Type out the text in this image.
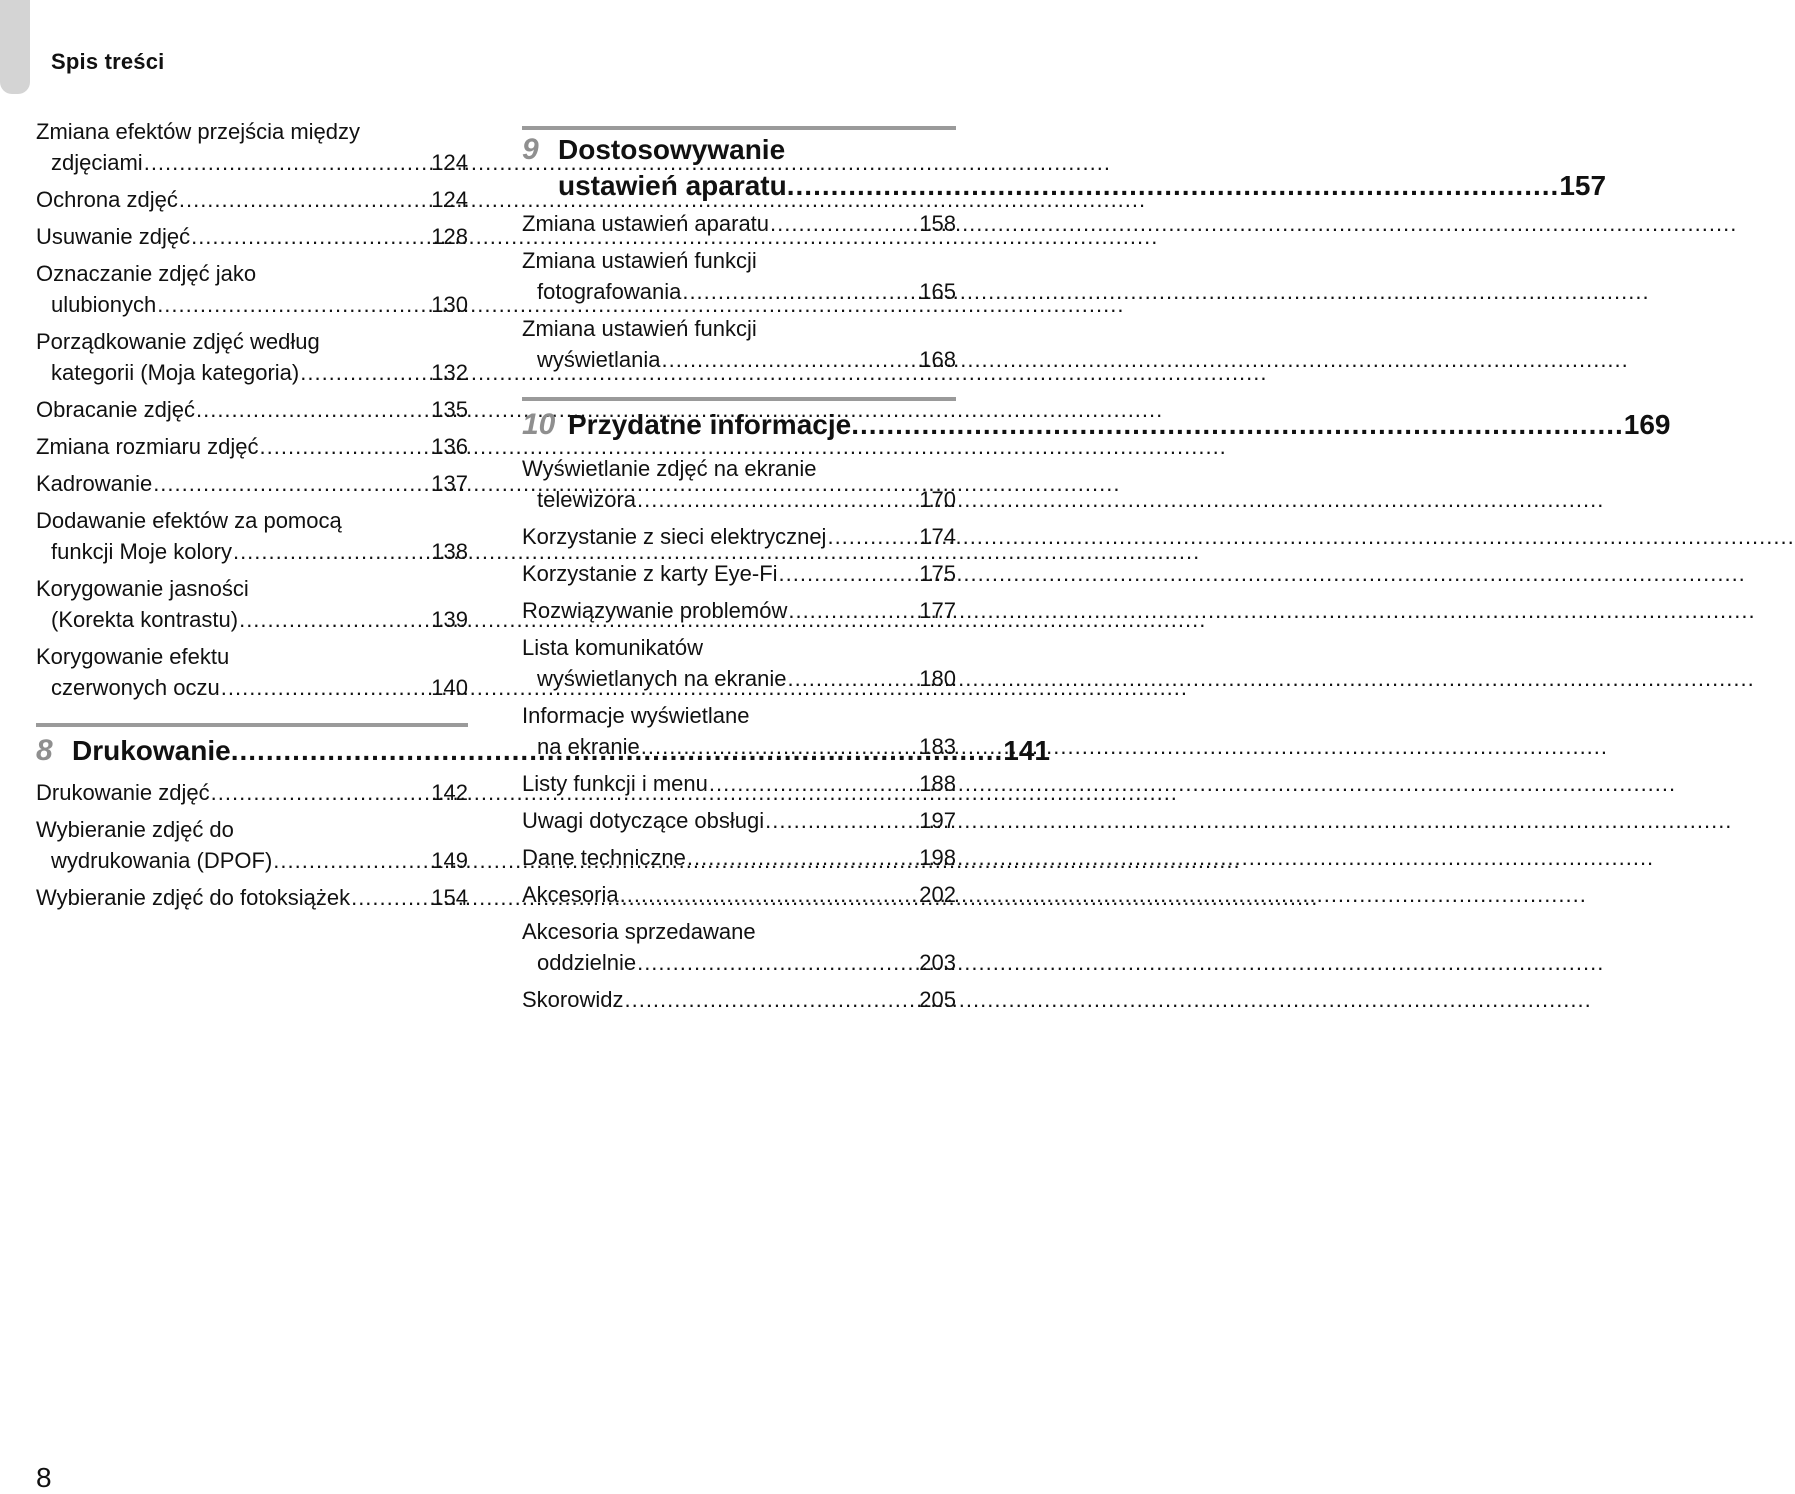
Spis treści
Zmiana efektów przejścia między
zdjęciami .....	124
Ochrona zdjęć .....	124
Usuwanie zdjęć .....	128
Oznaczanie zdjęć jako
ulubionych .....	130
Porządkowanie zdjęć według
kategorii (Moja kategoria) .....	132
Obracanie zdjęć .....	135
Zmiana rozmiaru zdjęć .....	136
Kadrowanie .....	137
Dodawanie efektów za pomocą
funkcji Moje kolory .....	138
Korygowanie jasności
(Korekta kontrastu) .....	139
Korygowanie efektu
czerwonych oczu .....	140
8 Drukowanie .....	141
Drukowanie zdjęć .....	142
Wybieranie zdjęć do
wydrukowania (DPOF) .....	149
Wybieranie zdjęć do fotoksiążek .....	154
9 Dostosowywanie
ustawień aparatu .....	157
Zmiana ustawień aparatu .....	158
Zmiana ustawień funkcji
fotografowania .....	165
Zmiana ustawień funkcji
wyświetlania .....	168
10 Przydatne informacje .....	169
Wyświetlanie zdjęć na ekranie
telewizora .....	170
Korzystanie z sieci elektrycznej .....	174
Korzystanie z karty Eye-Fi .....	175
Rozwiązywanie problemów .....	177
Lista komunikatów
wyświetlanych na ekranie .....	180
Informacje wyświetlane
na ekranie .....	183
Listy funkcji i menu .....	188
Uwagi dotyczące obsługi .....	197
Dane techniczne .....	198
Akcesoria .....	202
Akcesoria sprzedawane
oddzielnie .....	203
Skorowidz .....	205
8
